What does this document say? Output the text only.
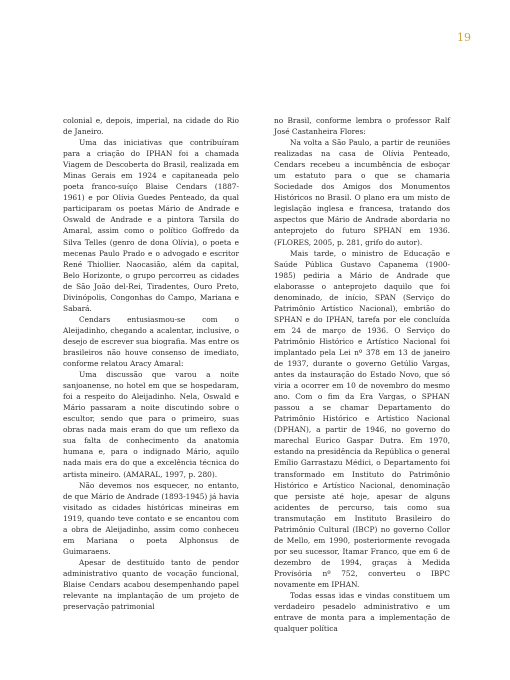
19

colonial e, depois, imperial, na cidade do Rio de Janeiro.

Uma das iniciativas que contribuíram para a criação do IPHAN foi a chamada Viagem de Descoberta do Brasil, realizada em Minas Gerais em 1924 e capitaneada pelo poeta franco-suíço Blaise Cendars (1887-1961) e por Olívia Guedes Penteado, da qual participaram os poetas Mário de Andrade e Oswald de Andrade e a pintora Tarsila do Amaral, assim como o político Goffredo da Silva Telles (genro de dona Olívia), o poeta e mecenas Paulo Prado e o advogado e escritor René Thiollier. Naocasião, além da capital, Belo Horizonte, o grupo percorreu as cidades de São João del-Rei, Tiradentes, Ouro Preto, Divinópolis, Congonhas do Campo, Mariana e Sabará.

Cendars entusiasmou-se com o Aleijadinho, chegando a acalentar, inclusive, o desejo de escrever sua biografia. Mas entre os brasileiros não houve consenso de imediato, conforme relatou Aracy Amaral:

Uma discussão que varou a noite sanjoanense, no hotel em que se hospedaram, foi a respeito do Aleijadinho. Nela, Oswald e Mário passaram a noite discutindo sobre o escultor, sendo que para o primeiro, suas obras nada mais eram do que um reflexo da sua falta de conhecimento da anatomia humana e, para o indignado Mário, aquilo nada mais era do que a excelência técnica do artista mineiro. (AMARAL, 1997, p. 280).

Não devemos nos esquecer, no entanto, de que Mário de Andrade (1893-1945) já havia visitado as cidades históricas mineiras em 1919, quando teve contato e se encantou com a obra de Aleijadinho, assim como conheceu em Mariana o poeta Alphonsus de Guimaraens.

Apesar de destituído tanto de pendor administrativo quanto de vocação funcional, Blaise Cendars acabou desempenhando papel relevante na implantação de um projeto de preservação patrimonial

no Brasil, conforme lembra o professor Ralf José Castanheira Flores:

Na volta a São Paulo, a partir de reuniões realizadas na casa de Olívia Penteado, Cendars recebeu a incumbência de esboçar um estatuto para o que se chamaria Sociedade dos Amigos dos Monumentos Históricos no Brasil. O plano era um misto de legislação inglesa e francesa, tratando dos aspectos que Mário de Andrade abordaria no anteprojeto do futuro SPHAN em 1936. (FLORES, 2005, p. 281, grifo do autor).

Mais tarde, o ministro de Educação e Saúde Pública Gustavo Capanema (1900-1985) pediria a Mário de Andrade que elaborasse o anteprojeto daquilo que foi denominado, de início, SPAN (Serviço do Patrimônio Artístico Nacional), embrião do SPHAN e do IPHAN, tarefa por ele concluída em 24 de março de 1936. O Serviço do Patrimônio Histórico e Artístico Nacional foi implantado pela Lei nº 378 em 13 de janeiro de 1937, durante o governo Getúlio Vargas, antes da instauração do Estado Novo, que só viria a ocorrer em 10 de novembro do mesmo ano. Com o fim da Era Vargas, o SPHAN passou a se chamar Departamento do Patrimônio Histórico e Artístico Nacional (DPHAN), a partir de 1946, no governo do marechal Eurico Gaspar Dutra. Em 1970, estando na presidência da República o general Emílio Garrastazu Médici, o Departamento foi transformado em Instituto do Patrimônio Histórico e Artístico Nacional, denominação que persiste até hoje, apesar de alguns acidentes de percurso, tais como sua transmutação em Instituto Brasileiro do Patrimônio Cultural (IBCP) no governo Collor de Mello, em 1990, posteriormente revogada por seu sucessor, Itamar Franco, que em 6 de dezembro de 1994, graças à Medida Provisória nº 752, converteu o IBPC novamente em IPHAN.

Todas essas idas e vindas constituem um verdadeiro pesadelo administrativo e um entrave de monta para a implementação de qualquer política
